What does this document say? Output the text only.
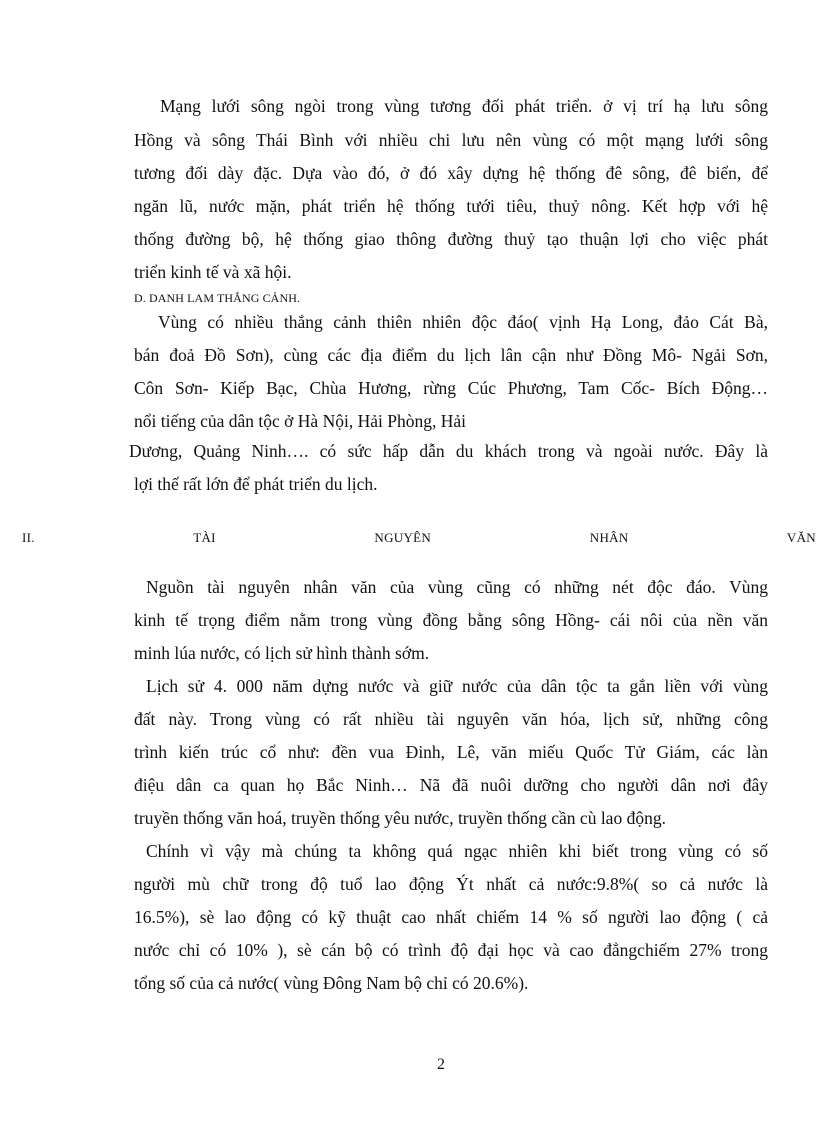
Mạng lưới sông ngòi trong vùng tương đối phát triển. ở vị trí hạ lưu sông
Hồng và sông Thái Bình với nhiều chi lưu nên vùng có một mạng lưới sông
tương đối dày đặc. Dựa vào đó, ở đó xây dựng hệ thống đê sông, đê biển, để
ngăn lũ, nước mặn, phát triển hệ thống tưới tiêu, thuỷ nông. Kết hợp với hệ
thống đường bộ, hệ thống giao thông đường thuỷ tạo thuận lợi cho việc phát
triển kinh tế và xã hội.
D. DANH LAM THẮNG CẢNH.
Vùng có nhiều thắng cảnh thiên nhiên độc đáo( vịnh Hạ Long, đảo Cát Bà,
bán đoả Đồ Sơn), cùng các địa điểm du lịch lân cận như Đồng Mô- Ngải Sơn,
Côn Sơn- Kiếp Bạc, Chùa Hương, rừng Cúc Phương, Tam Cốc- Bích Động…
nổi tiếng của dân tộc ở Hà Nội, Hải Phòng, Hải
Dương, Quảng Ninh…. có sức hấp dẫn du khách trong và ngoài nước. Đây là
lợi thế rất lớn để phát triển du lịch.
II. TÀI NGUYÊN NHÂN VĂN
Nguồn tài nguyên nhân văn của vùng cũng có những nét độc đáo. Vùng
kinh tế trọng điểm nằm trong vùng đồng bằng sông Hồng- cái nôi của nền văn
minh lúa nước, có lịch sử hình thành sớm.
Lịch sử 4. 000 năm dựng nước và giữ nước của dân tộc ta gắn liền với vùng
đất này. Trong vùng có rất nhiều tài nguyên văn hóa, lịch sử, những công
trình kiến trúc cổ như: đền vua Đinh, Lê, văn miếu Quốc Tử Giám, các làn
điệu dân ca quan họ Bắc Ninh… Nã đã nuôi dưỡng cho người dân nơi đây
truyền thống văn hoá, truyền thống yêu nước, truyền thống cần cù lao động.
Chính vì vậy mà chúng ta không quá ngạc nhiên khi biết trong vùng có số
người mù chữ trong độ tuổ lao động Ýt nhất cả nước:9.8%( so cả nước là
16.5%), sè lao động có kỹ thuật cao nhất chiếm 14 % số người lao động ( cả
nước chỉ có 10% ), sè cán bộ có trình độ đại học và cao đẳngchiếm 27% trong
tổng số của cả nước( vùng Đông Nam bộ chỉ có 20.6%).
2
